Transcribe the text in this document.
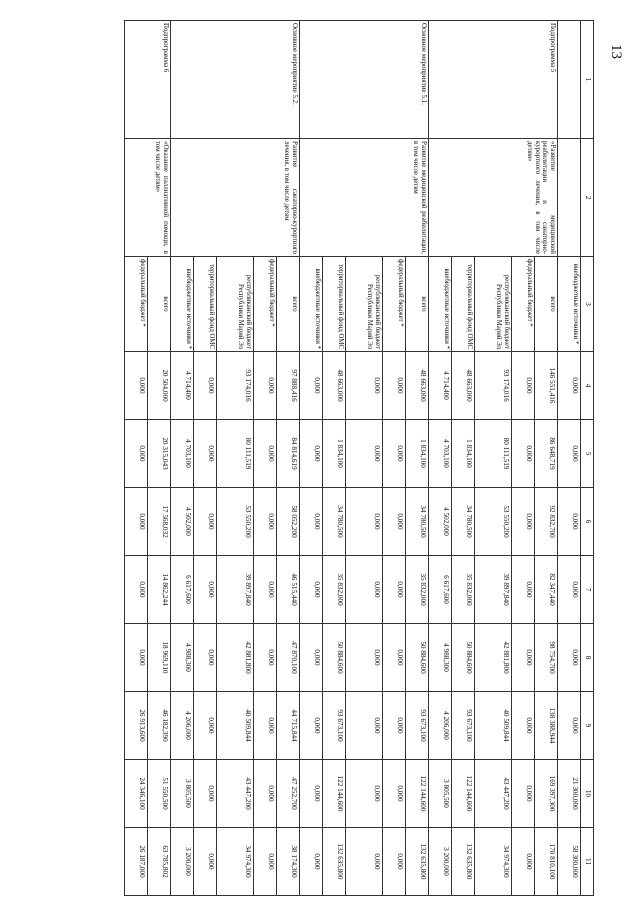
13
1	2	3	4	5	6	7	8	9	10	11
		внебюджетные источники *	0,000	0,000	0,000	0,000	0,000	0,000	21 300,000	58 300,000
Подпрограмма 5	«Развитие медицинской реабилитации и санаторно-курортного лечения, в том числе детям»	всего	146 551,416	86 648,719	92 832,700	82 347,440	98 754,700	138 388,944	169 397,300	170 810,100
		федеральный бюджет *	0,000	0,000	0,000	0,000	0,000	0,000	0,000	0,000
		республиканский бюджет Республики Марий Эл	93 174,016	80 111,519	53 550,200	39 897,840	42 881,800	40 509,844	43 447,200	34 974,300
		территориальный фонд ОМС	48 663,000	1 834,100	34 780,500	35 832,000	50 884,600	93 673,100	122 144,600	132 635,800
		внебюджетные источники *	4 714,400	4 703,100	4 502,000	6 617,600	4 988,300	4 206,000	3 805,500	3 200,000
Основное мероприятие 5.1.	Развитие медицинской реабилитации, в том числе детям	всего	48 663,000	1 834,100	34 780,500	35 832,000	50 884,600	93 673,100	122 144,600	132 635,800
		федеральный бюджет *	0,000	0,000	0,000	0,000	0,000	0,000	0,000	0,000
		республиканский бюджет Республики Марий Эл	0,000	0,000	0,000	0,000	0,000	0,000	0,000	0,000
		территориальный фонд ОМС	48 663,000	1 834,100	34 780,500	35 832,000	50 884,600	93 673,100	122 144,600	132 635,800
		внебюджетные источники *	0,000	0,000	0,000	0,000	0,000	0,000	0,000	0,000
Основное мероприятие 5.2.	Развитие санаторно-курортного лечения, в том числе детям	всего	97 888,416	84 814,619	58 052,200	46 515,440	47 870,100	44 715,844	47 252,700	38 174,300
		федеральный бюджет *	0,000	0,000	0,000	0,000	0,000	0,000	0,000	0,000
		республиканский бюджет Республики Марий Эл	93 174,016	80 111,519	53 550,200	39 897,840	42 881,800	40 509,844	43 447,200	34 974,300
		территориальный фонд ОМС	0,000	0,000	0,000	0,000	0,000	0,000	0,000	0,000
		внебюджетные источники *	4 714,400	4 703,100	4 502,000	6 617,600	4 988,300	4 206,000	3 805,500	3 200,000
Подпрограмма 6	«Оказание паллиативной помощи, в том числе детям»	всего	20 504,000	20 315,043	17 568,032	14 862,244	18 969,110	46 182,390	51 550,500	63 785,802
		федеральный бюджет *	0,000	0,000	0,000	0,000	0,000	26 913,600	24 346,100	26 187,000
